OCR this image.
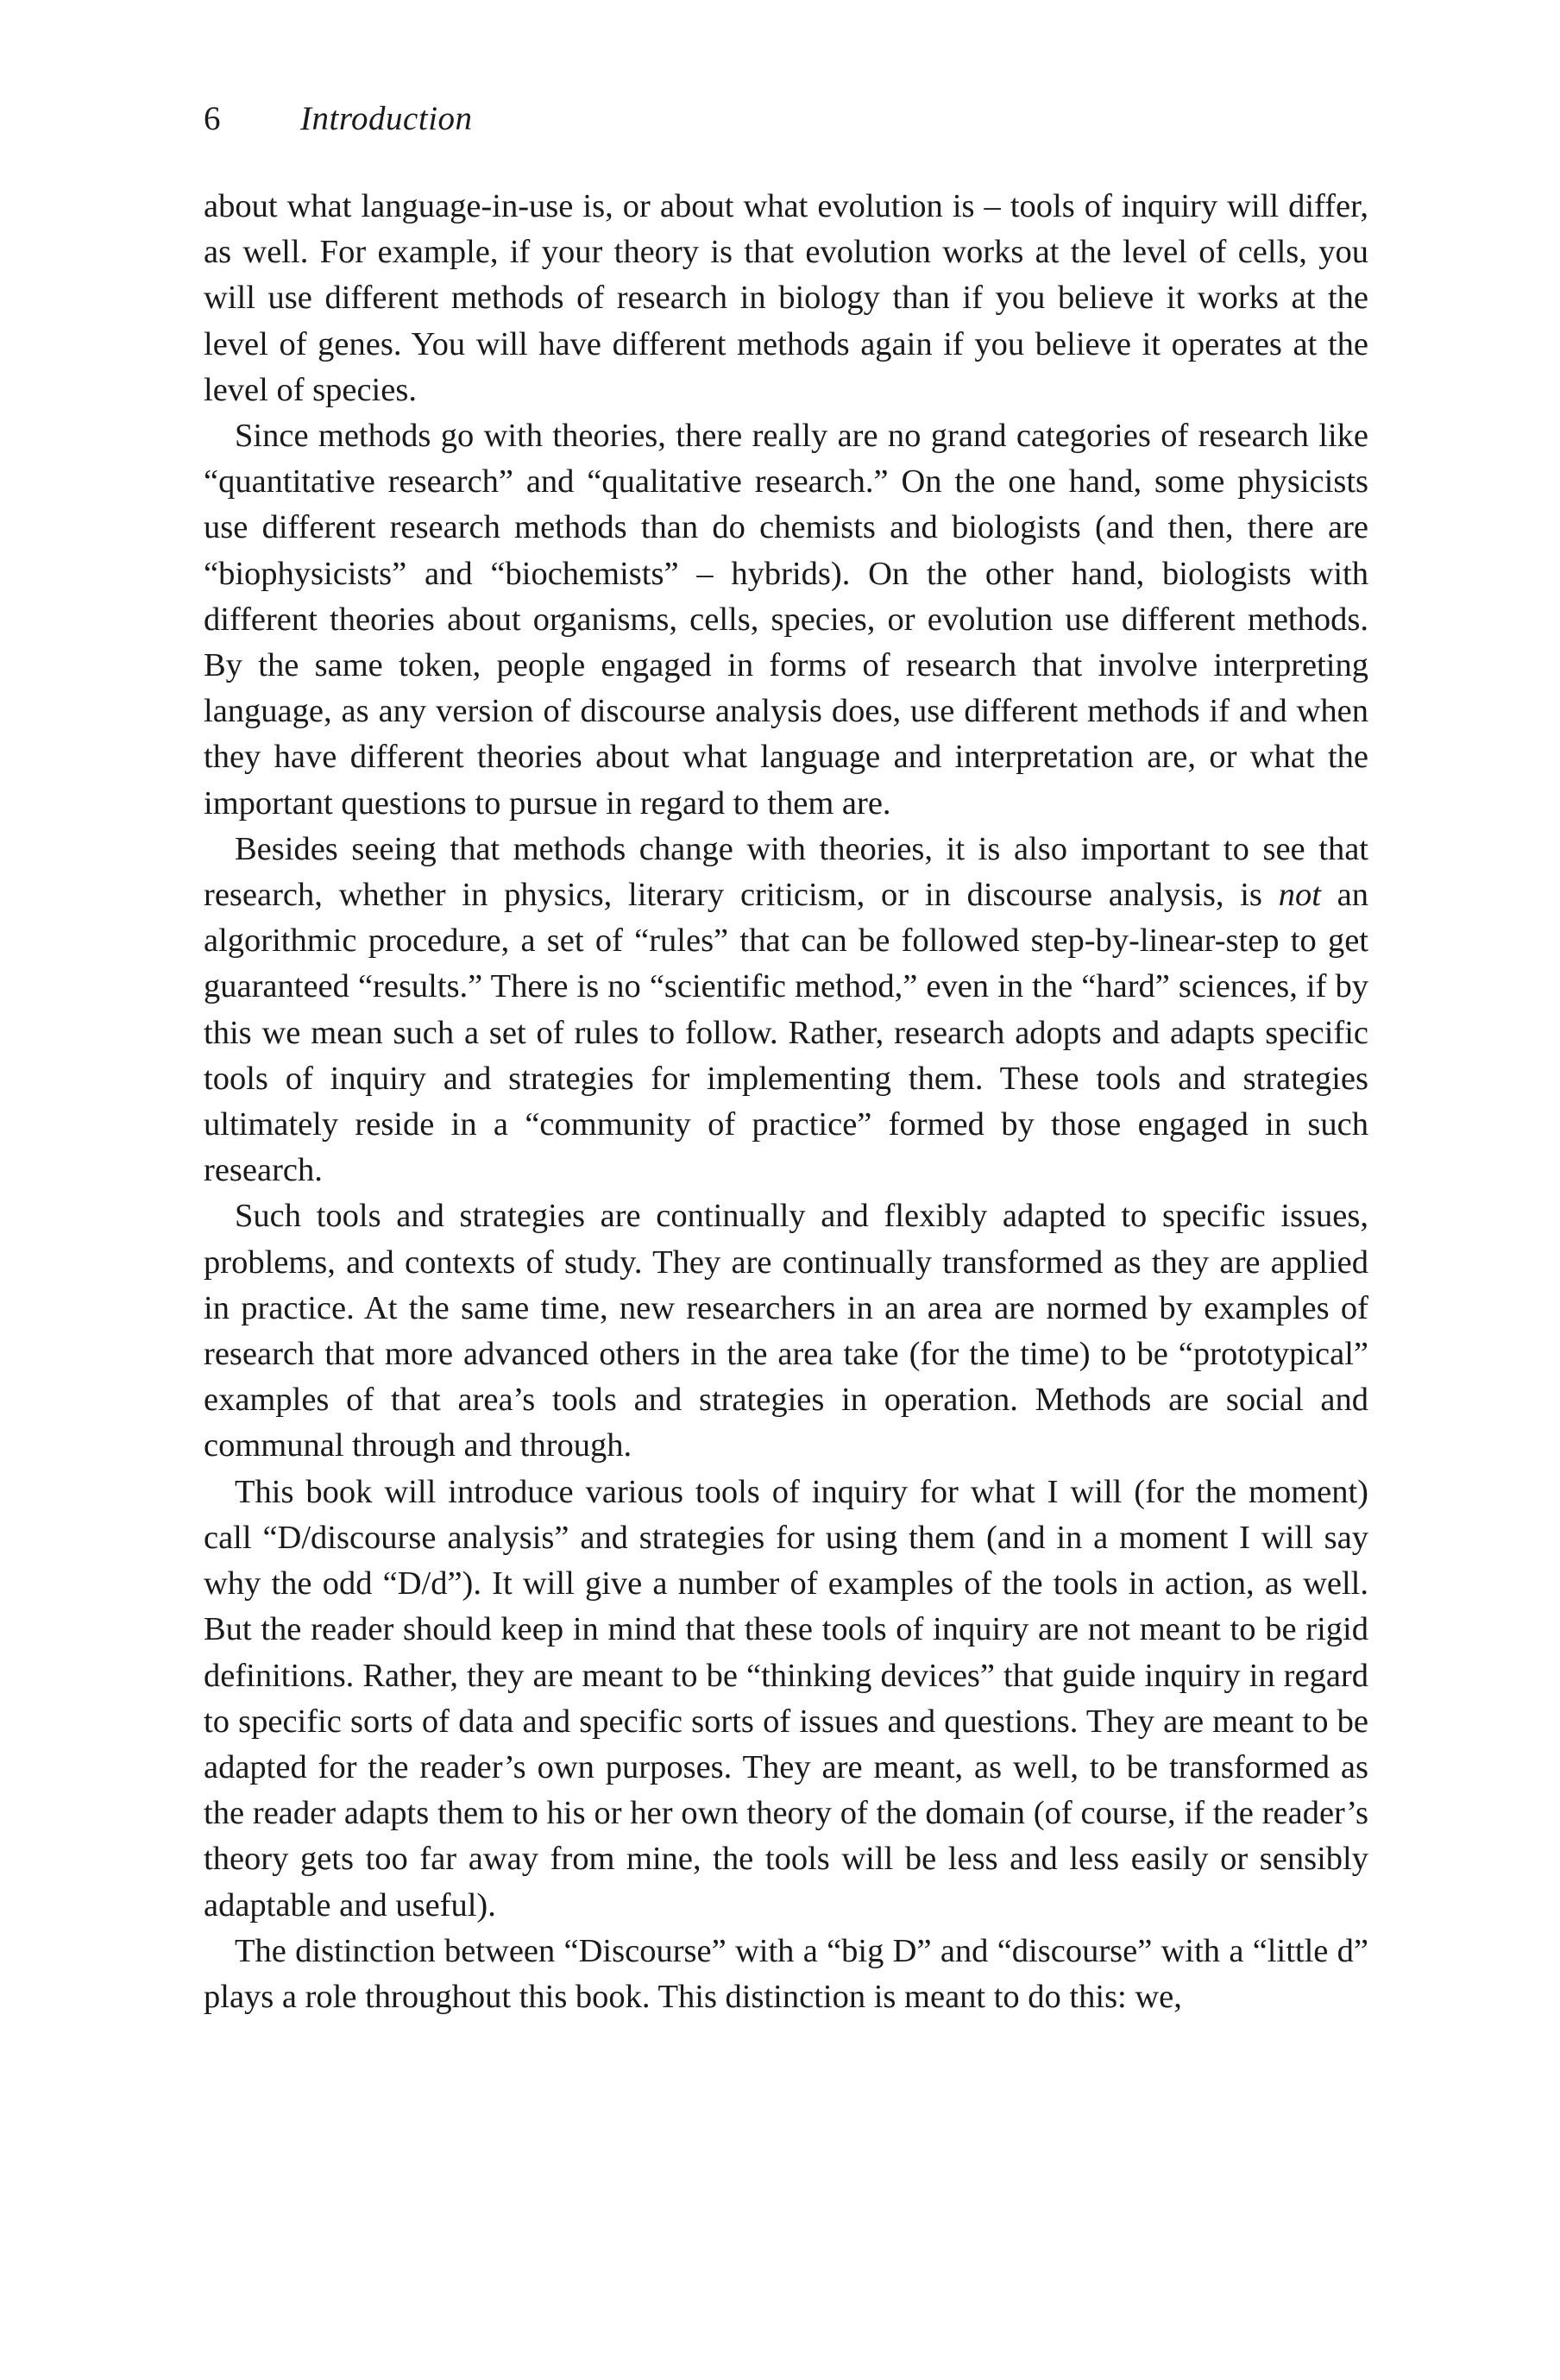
6 Introduction

about what language-in-use is, or about what evolution is – tools of inquiry will differ, as well. For example, if your theory is that evolution works at the level of cells, you will use different methods of research in biology than if you believe it works at the level of genes. You will have different methods again if you believe it operates at the level of species.

Since methods go with theories, there really are no grand categories of research like “quantitative research” and “qualitative research.” On the one hand, some physicists use different research methods than do chemists and biologists (and then, there are “biophysicists” and “biochemists” – hybrids). On the other hand, biologists with different theories about organisms, cells, species, or evolution use different methods. By the same token, people engaged in forms of research that involve interpreting language, as any version of discourse analysis does, use different methods if and when they have different theories about what language and interpretation are, or what the important questions to pursue in regard to them are.

Besides seeing that methods change with theories, it is also important to see that research, whether in physics, literary criticism, or in discourse analysis, is not an algorithmic procedure, a set of “rules” that can be followed step-by-linear-step to get guaranteed “results.” There is no “scientific method,” even in the “hard” sciences, if by this we mean such a set of rules to follow. Rather, research adopts and adapts specific tools of inquiry and strategies for implementing them. These tools and strategies ultimately reside in a “community of practice” formed by those engaged in such research.

Such tools and strategies are continually and flexibly adapted to specific issues, problems, and contexts of study. They are continually transformed as they are applied in practice. At the same time, new researchers in an area are normed by examples of research that more advanced others in the area take (for the time) to be “prototypical” examples of that area’s tools and strategies in operation. Methods are social and communal through and through.

This book will introduce various tools of inquiry for what I will (for the moment) call “D/discourse analysis” and strategies for using them (and in a moment I will say why the odd “D/d”). It will give a number of examples of the tools in action, as well. But the reader should keep in mind that these tools of inquiry are not meant to be rigid definitions. Rather, they are meant to be “thinking devices” that guide inquiry in regard to specific sorts of data and specific sorts of issues and questions. They are meant to be adapted for the reader’s own purposes. They are meant, as well, to be transformed as the reader adapts them to his or her own theory of the domain (of course, if the reader’s theory gets too far away from mine, the tools will be less and less easily or sensibly adaptable and useful).

The distinction between “Discourse” with a “big D” and “discourse” with a “little d” plays a role throughout this book. This distinction is meant to do this: we,
